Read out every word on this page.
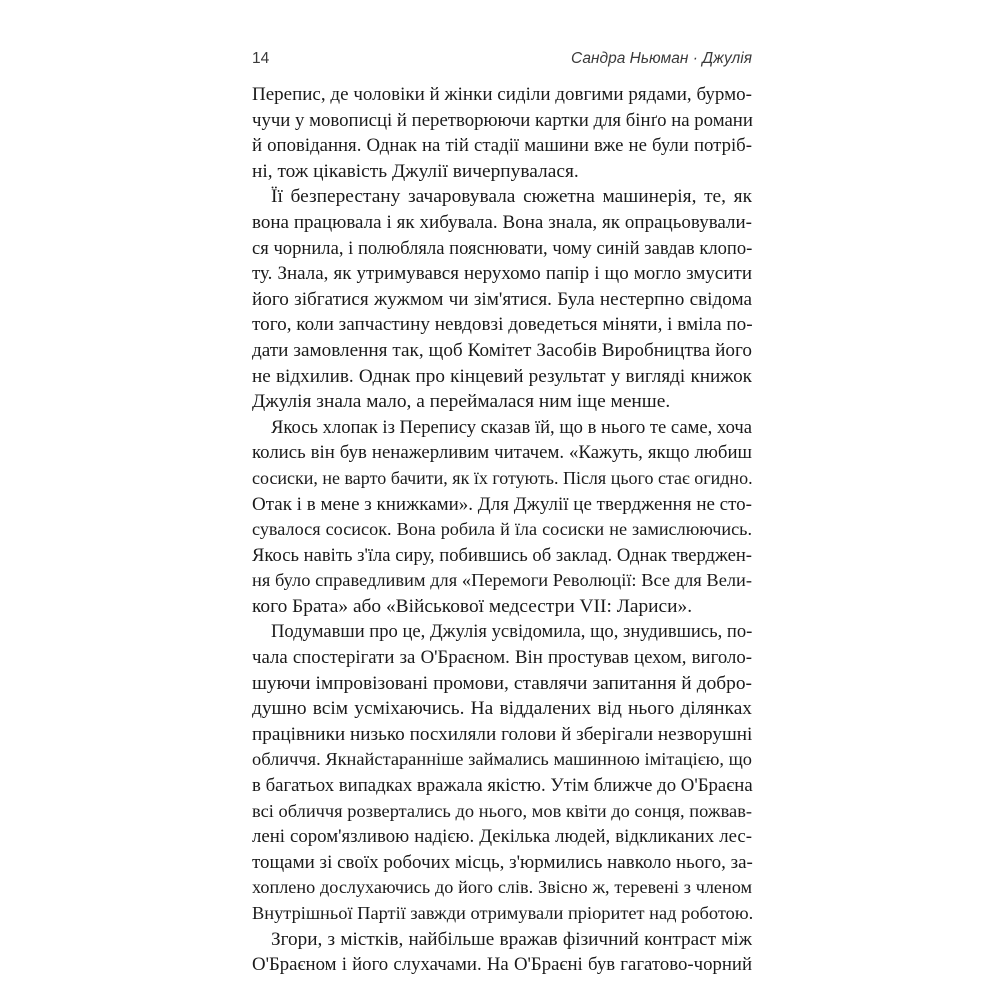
14	Сандра Ньюман · Джулія
Перепис, де чоловіки й жінки сиділи довгими рядами, бурмо-
чучи у мовописці й перетворюючи картки для бінґо на романи
й оповідання. Однак на тій стадії машини вже не були потріб-
ні, тож цікавість Джулії вичерпувалася.
Її безперестану зачаровувала сюжетна машинерія, те, як
вона працювала і як хибувала. Вона знала, як опрацьовували-
ся чорнила, і полюбляла пояснювати, чому синій завдав клопо-
ту. Знала, як утримувався нерухомо папір і що могло змусити
його зібгатися жужмом чи зім'ятися. Була нестерпно свідома
того, коли запчастину невдовзі доведеться міняти, і вміла по-
дати замовлення так, щоб Комітет Засобів Виробництва його
не відхилив. Однак про кінцевий результат у вигляді книжок
Джулія знала мало, а переймалася ним іще менше.
Якось хлопак із Перепису сказав їй, що в нього те саме, хоча
колись він був ненажерливим читачем. «Кажуть, якщо любиш
сосиски, не варто бачити, як їх готують. Після цього стає огидно.
Отак і в мене з книжками». Для Джулії це твердження не сто-
сувалося сосисок. Вона робила й їла сосиски не замислюючись.
Якось навіть з'їла сиру, побившись об заклад. Однак тверджен-
ня було справедливим для «Перемоги Революції: Все для Вели-
кого Брата» або «Військової медсестри VII: Лариси».
Подумавши про це, Джулія усвідомила, що, знудившись, по-
чала спостерігати за О'Браєном. Він простував цехом, виголо-
шуючи імпровізовані промови, ставлячи запитання й добро-
душно всім усміхаючись. На віддалених від нього ділянках
працівники низько посхиляли голови й зберігали незворушні
обличчя. Якнайстаранніше займались машинною імітацією, що
в багатьох випадках вражала якістю. Утім ближче до О'Браєна
всі обличчя розвертались до нього, мов квіти до сонця, пожвав-
лені сором'язливою надією. Декілька людей, відкликаних лес-
тощами зі своїх робочих місць, з'юрмились навколо нього, за-
хоплено дослухаючись до його слів. Звісно ж, теревені з членом
Внутрішньої Партії завжди отримували пріоритет над роботою.
Згори, з містків, найбільше вражав фізичний контраст між
О'Браєном і його слухачами. На О'Браєні був гагатово-чорний
